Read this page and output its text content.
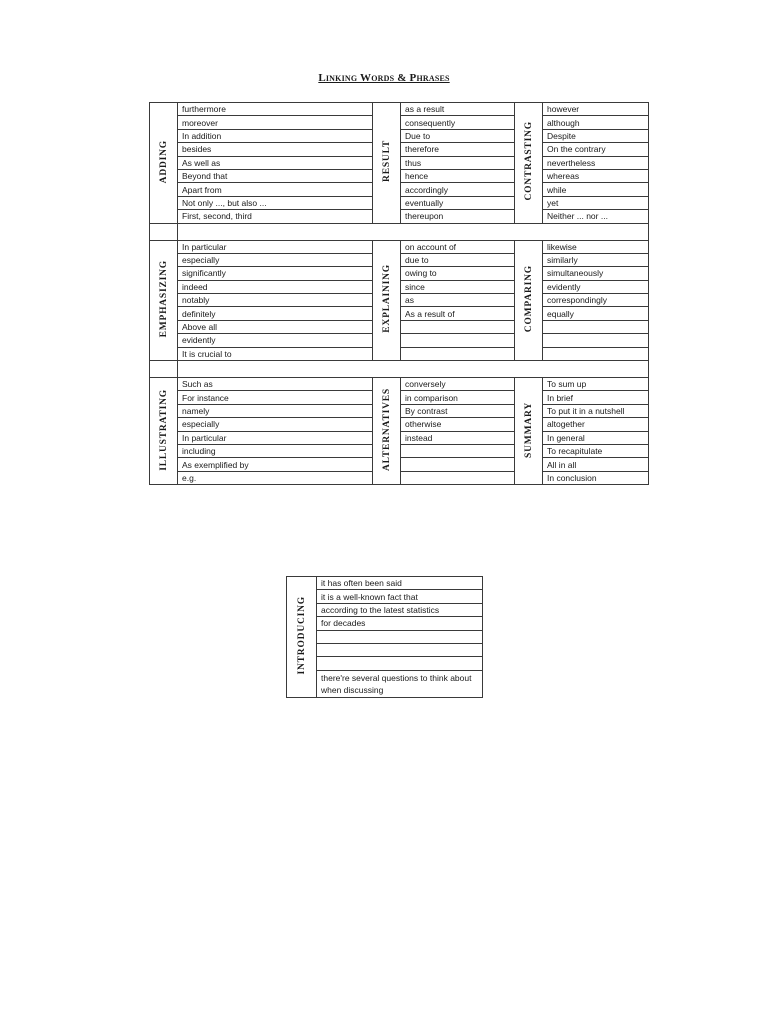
Linking Words & Phrases
ADDING	furthermore	RESULT	as a result	CONTRASTING	however
	moreover		consequently		although
	In addition		Due to		Despite
	besides		therefore		On the contrary
	As well as		thus		nevertheless
	Beyond that		hence		whereas
	Apart from		accordingly		while
	Not only ..., but also ...		eventually		yet
	First, second, third		thereupon		Neither ... nor ...

EMPHASIZING	In particular	EXPLAINING	on account of	COMPARING	likewise
	especially		due to		similarly
	significantly		owing to		simultaneously
	indeed		since		evidently
	notably		as		correspondingly
	definitely		As a result of		equally
	Above all				
	evidently				
	It is crucial to				

ILLUSTRATING	Such as	ALTERNATIVES	conversely	SUMMARY	To sum up
	For instance		in comparison		In brief
	namely		By contrast		To put it in a nutshell
	especially		otherwise		altogether
	In particular		instead		In general
	including				To recapitulate
	As exemplified by				All in all
	e.g.				In conclusion
INTRODUCING	it has often been said
it is a well-known fact that
according to the latest statistics
for decades

there're several questions to think about when discussing
